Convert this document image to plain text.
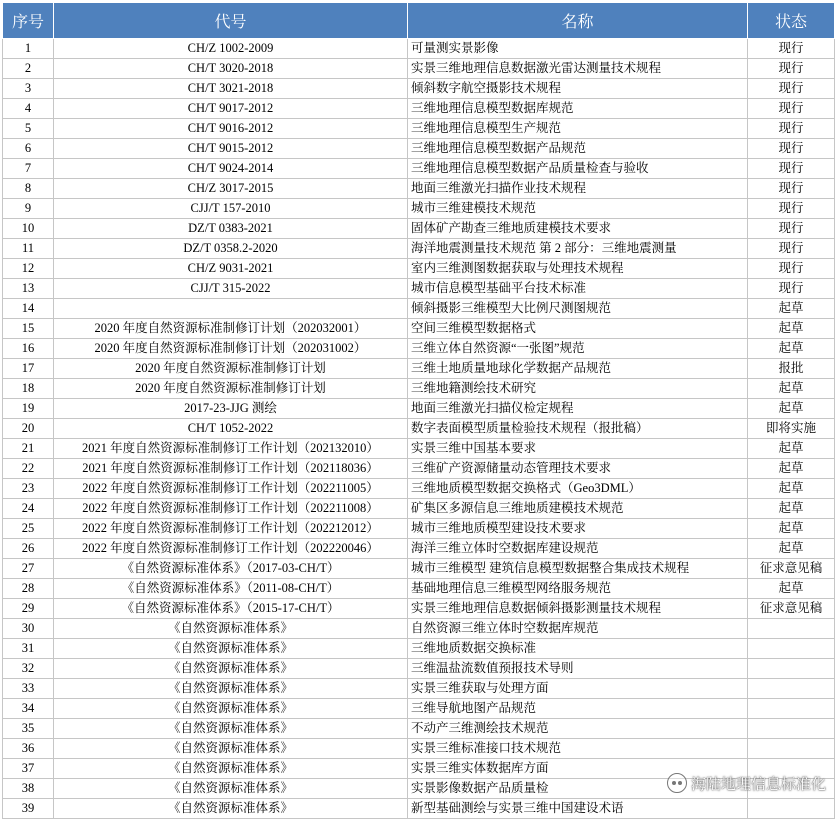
序号	代号	名称	状态
1	CH/Z 1002-2009	可量测实景影像	现行
2	CH/T 3020-2018	实景三维地理信息数据激光雷达测量技术规程	现行
3	CH/T 3021-2018	倾斜数字航空摄影技术规程	现行
4	CH/T 9017-2012	三维地理信息模型数据库规范	现行
5	CH/T 9016-2012	三维地理信息模型生产规范	现行
6	CH/T 9015-2012	三维地理信息模型数据产品规范	现行
7	CH/T 9024-2014	三维地理信息模型数据产品质量检查与验收	现行
8	CH/Z 3017-2015	地面三维激光扫描作业技术规程	现行
9	CJJ/T 157-2010	城市三维建模技术规范	现行
10	DZ/T 0383-2021	固体矿产勘查三维地质建模技术要求	现行
11	DZ/T 0358.2-2020	海洋地震测量技术规范 第 2 部分：三维地震测量	现行
12	CH/Z 9031-2021	室内三维测图数据获取与处理技术规程	现行
13	CJJ/T 315-2022	城市信息模型基础平台技术标准	现行
14		倾斜摄影三维模型大比例尺测图规范	起草
15	2020 年度自然资源标准制修订计划（202032001）	空间三维模型数据格式	起草
16	2020 年度自然资源标准制修订计划（202031002）	三维立体自然资源“一张图”规范	起草
17	2020 年度自然资源标准制修订计划	三维土地质量地球化学数据产品规范	报批
18	2020 年度自然资源标准制修订计划	三维地籍测绘技术研究	起草
19	2017-23-JJG 测绘	地面三维激光扫描仪检定规程	起草
20	CH/T 1052-2022	数字表面模型质量检验技术规程（报批稿）	即将实施
21	2021 年度自然资源标准制修订工作计划（202132010）	实景三维中国基本要求	起草
22	2021 年度自然资源标准制修订工作计划（202118036）	三维矿产资源储量动态管理技术要求	起草
23	2022 年度自然资源标准制修订工作计划（202211005）	三维地质模型数据交换格式（Geo3DML）	起草
24	2022 年度自然资源标准制修订工作计划（202211008）	矿集区多源信息三维地质建模技术规范	起草
25	2022 年度自然资源标准制修订工作计划（202212012）	城市三维地质模型建设技术要求	起草
26	2022 年度自然资源标准制修订工作计划（202220046）	海洋三维立体时空数据库建设规范	起草
27	《自然资源标准体系》（2017-03-CH/T）	城市三维模型 建筑信息模型数据整合集成技术规程	征求意见稿
28	《自然资源标准体系》（2011-08-CH/T）	基础地理信息三维模型网络服务规范	起草
29	《自然资源标准体系》（2015-17-CH/T）	实景三维地理信息数据倾斜摄影测量技术规程	征求意见稿
30	《自然资源标准体系》	自然资源三维立体时空数据库规范	
31	《自然资源标准体系》	三维地质数据交换标准	
32	《自然资源标准体系》	三维温盐流数值预报技术导则	
33	《自然资源标准体系》	实景三维获取与处理方面	
34	《自然资源标准体系》	三维导航地图产品规范	
35	《自然资源标准体系》	不动产三维测绘技术规范	
36	《自然资源标准体系》	实景三维标准接口技术规范	
37	《自然资源标准体系》	实景三维实体数据库方面	
38	《自然资源标准体系》	实景影像数据产品质量检	
39	《自然资源标准体系》	新型基础测绘与实景三维中国建设术语	
海陆地理信息标准化
